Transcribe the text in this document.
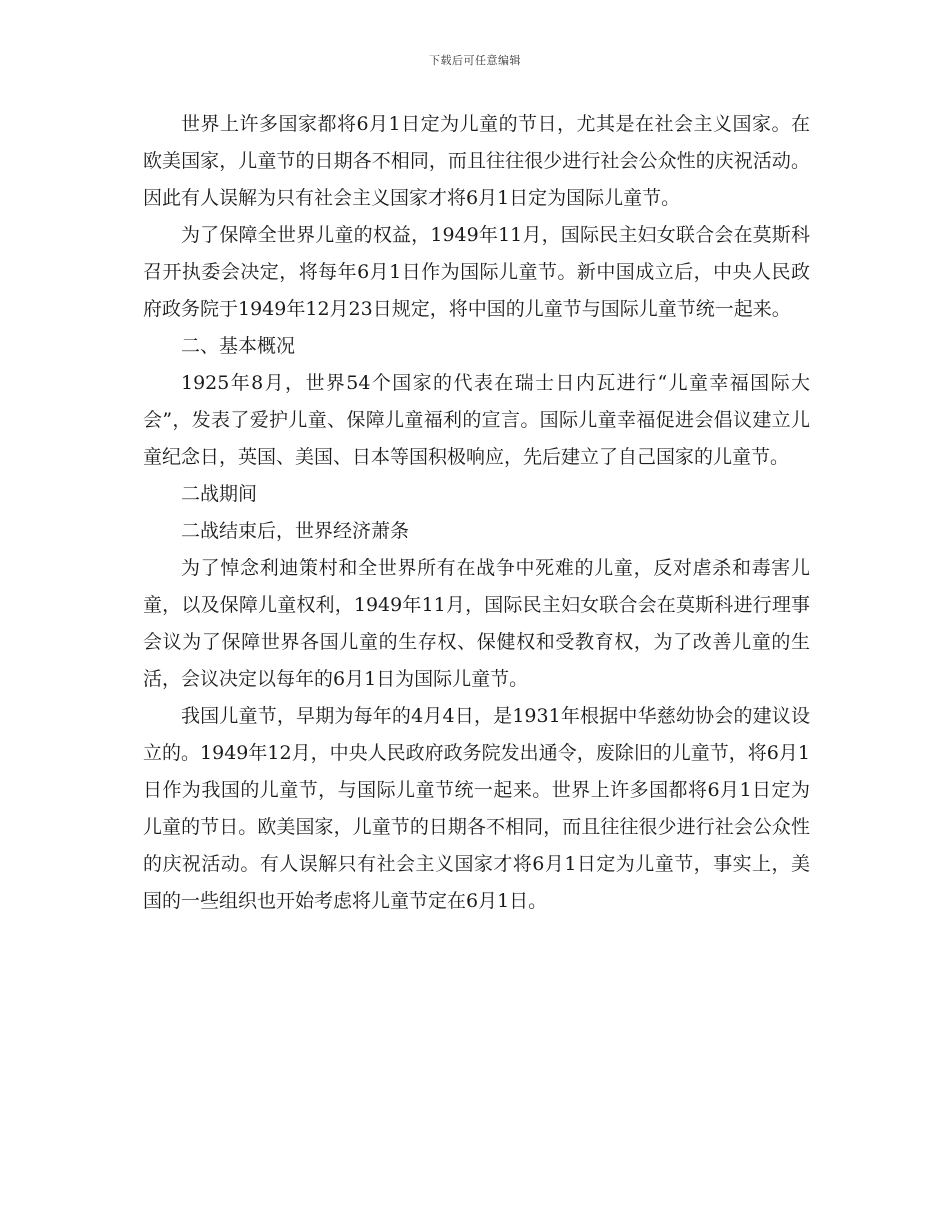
下载后可任意编辑

世界上许多国家都将6月1日定为儿童的节日，尤其是在社会主义国家。在欧美国家，儿童节的日期各不相同，而且往往很少进行社会公众性的庆祝活动。因此有人误解为只有社会主义国家才将6月1日定为国际儿童节。

为了保障全世界儿童的权益，1949年11月，国际民主妇女联合会在莫斯科召开执委会决定，将每年6月1日作为国际儿童节。新中国成立后，中央人民政府政务院于1949年12月23日规定，将中国的儿童节与国际儿童节统一起来。

二、基本概况

1925年8月，世界54个国家的代表在瑞士日内瓦进行“儿童幸福国际大会”，发表了爱护儿童、保障儿童福利的宣言。国际儿童幸福促进会倡议建立儿童纪念日，英国、美国、日本等国积极响应，先后建立了自己国家的儿童节。

二战期间

二战结束后，世界经济萧条

为了悼念利迪策村和全世界所有在战争中死难的儿童，反对虐杀和毒害儿童，以及保障儿童权利，1949年11月，国际民主妇女联合会在莫斯科进行理事会议为了保障世界各国儿童的生存权、保健权和受教育权，为了改善儿童的生活，会议决定以每年的6月1日为国际儿童节。

我国儿童节，早期为每年的4月4日，是1931年根据中华慈幼协会的建议设立的。1949年12月，中央人民政府政务院发出通令，废除旧的儿童节，将6月1日作为我国的儿童节，与国际儿童节统一起来。世界上许多国都将6月1日定为儿童的节日。欧美国家，儿童节的日期各不相同，而且往往很少进行社会公众性的庆祝活动。有人误解只有社会主义国家才将6月1日定为儿童节，事实上，美国的一些组织也开始考虑将儿童节定在6月1日。
